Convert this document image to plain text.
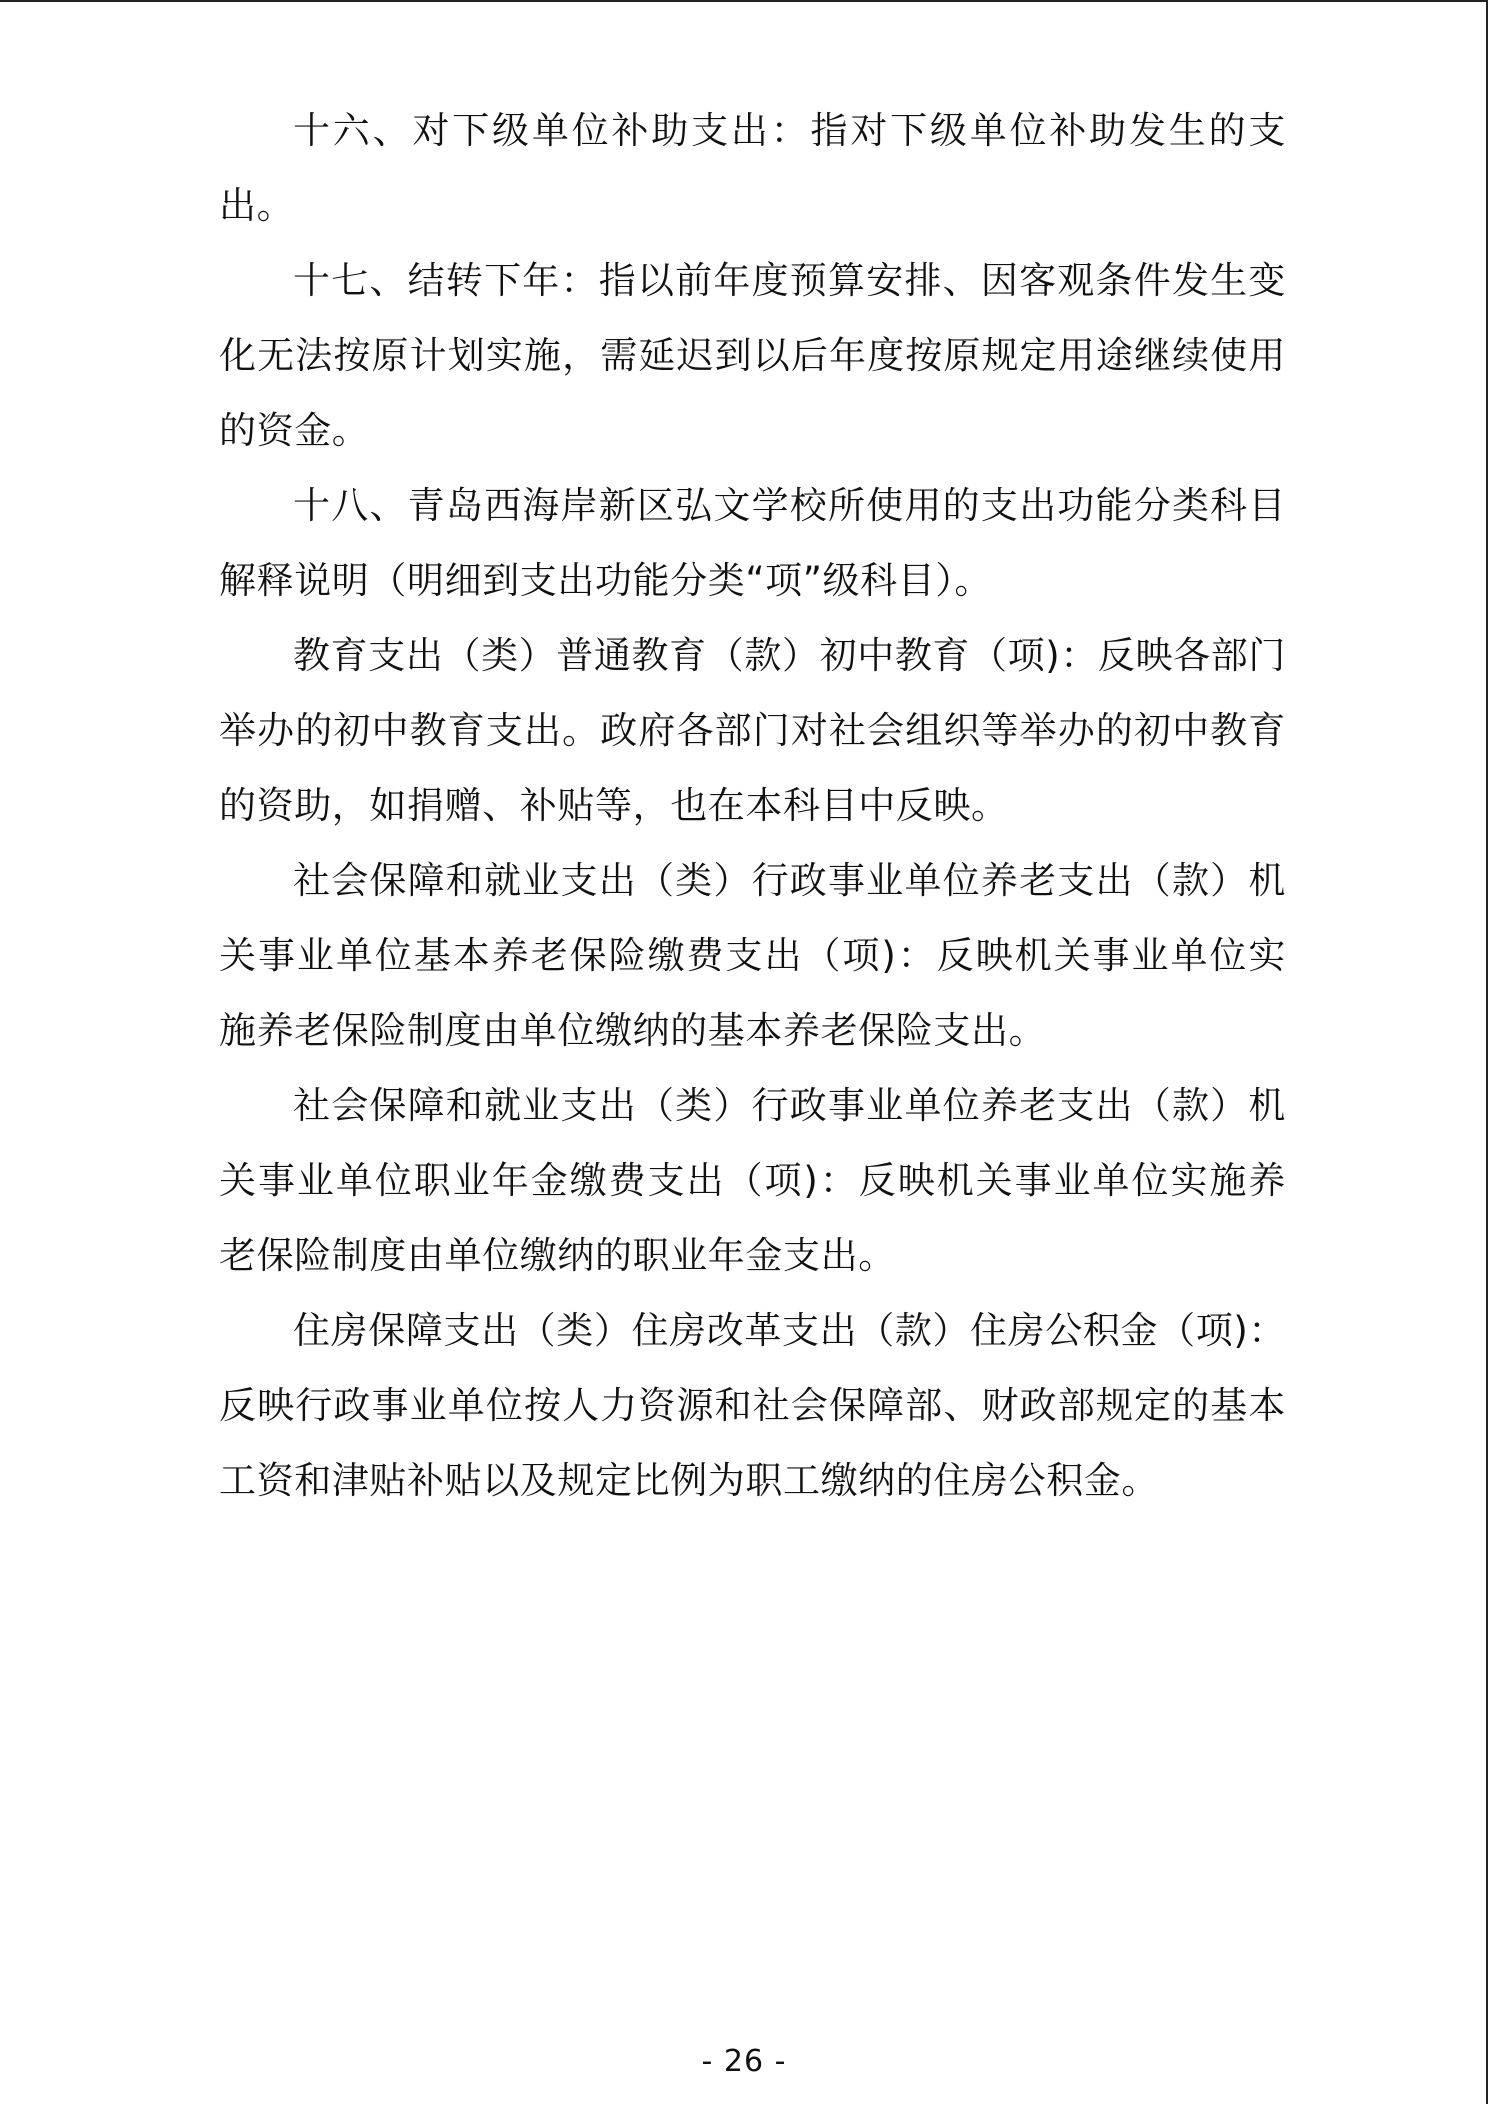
十六、对下级单位补助支出：指对下级单位补助发生的支出。

十七、结转下年：指以前年度预算安排、因客观条件发生变化无法按原计划实施，需延迟到以后年度按原规定用途继续使用的资金。

十八、青岛西海岸新区弘文学校所使用的支出功能分类科目解释说明（明细到支出功能分类“项”级科目）。

教育支出（类）普通教育（款）初中教育（项)：反映各部门举办的初中教育支出。政府各部门对社会组织等举办的初中教育的资助，如捐赠、补贴等，也在本科目中反映。

社会保障和就业支出（类）行政事业单位养老支出（款）机关事业单位基本养老保险缴费支出（项)：反映机关事业单位实施养老保险制度由单位缴纳的基本养老保险支出。

社会保障和就业支出（类）行政事业单位养老支出（款）机关事业单位职业年金缴费支出（项)：反映机关事业单位实施养老保险制度由单位缴纳的职业年金支出。

住房保障支出（类）住房改革支出（款）住房公积金（项)：反映行政事业单位按人力资源和社会保障部、财政部规定的基本工资和津贴补贴以及规定比例为职工缴纳的住房公积金。

- 26 -
